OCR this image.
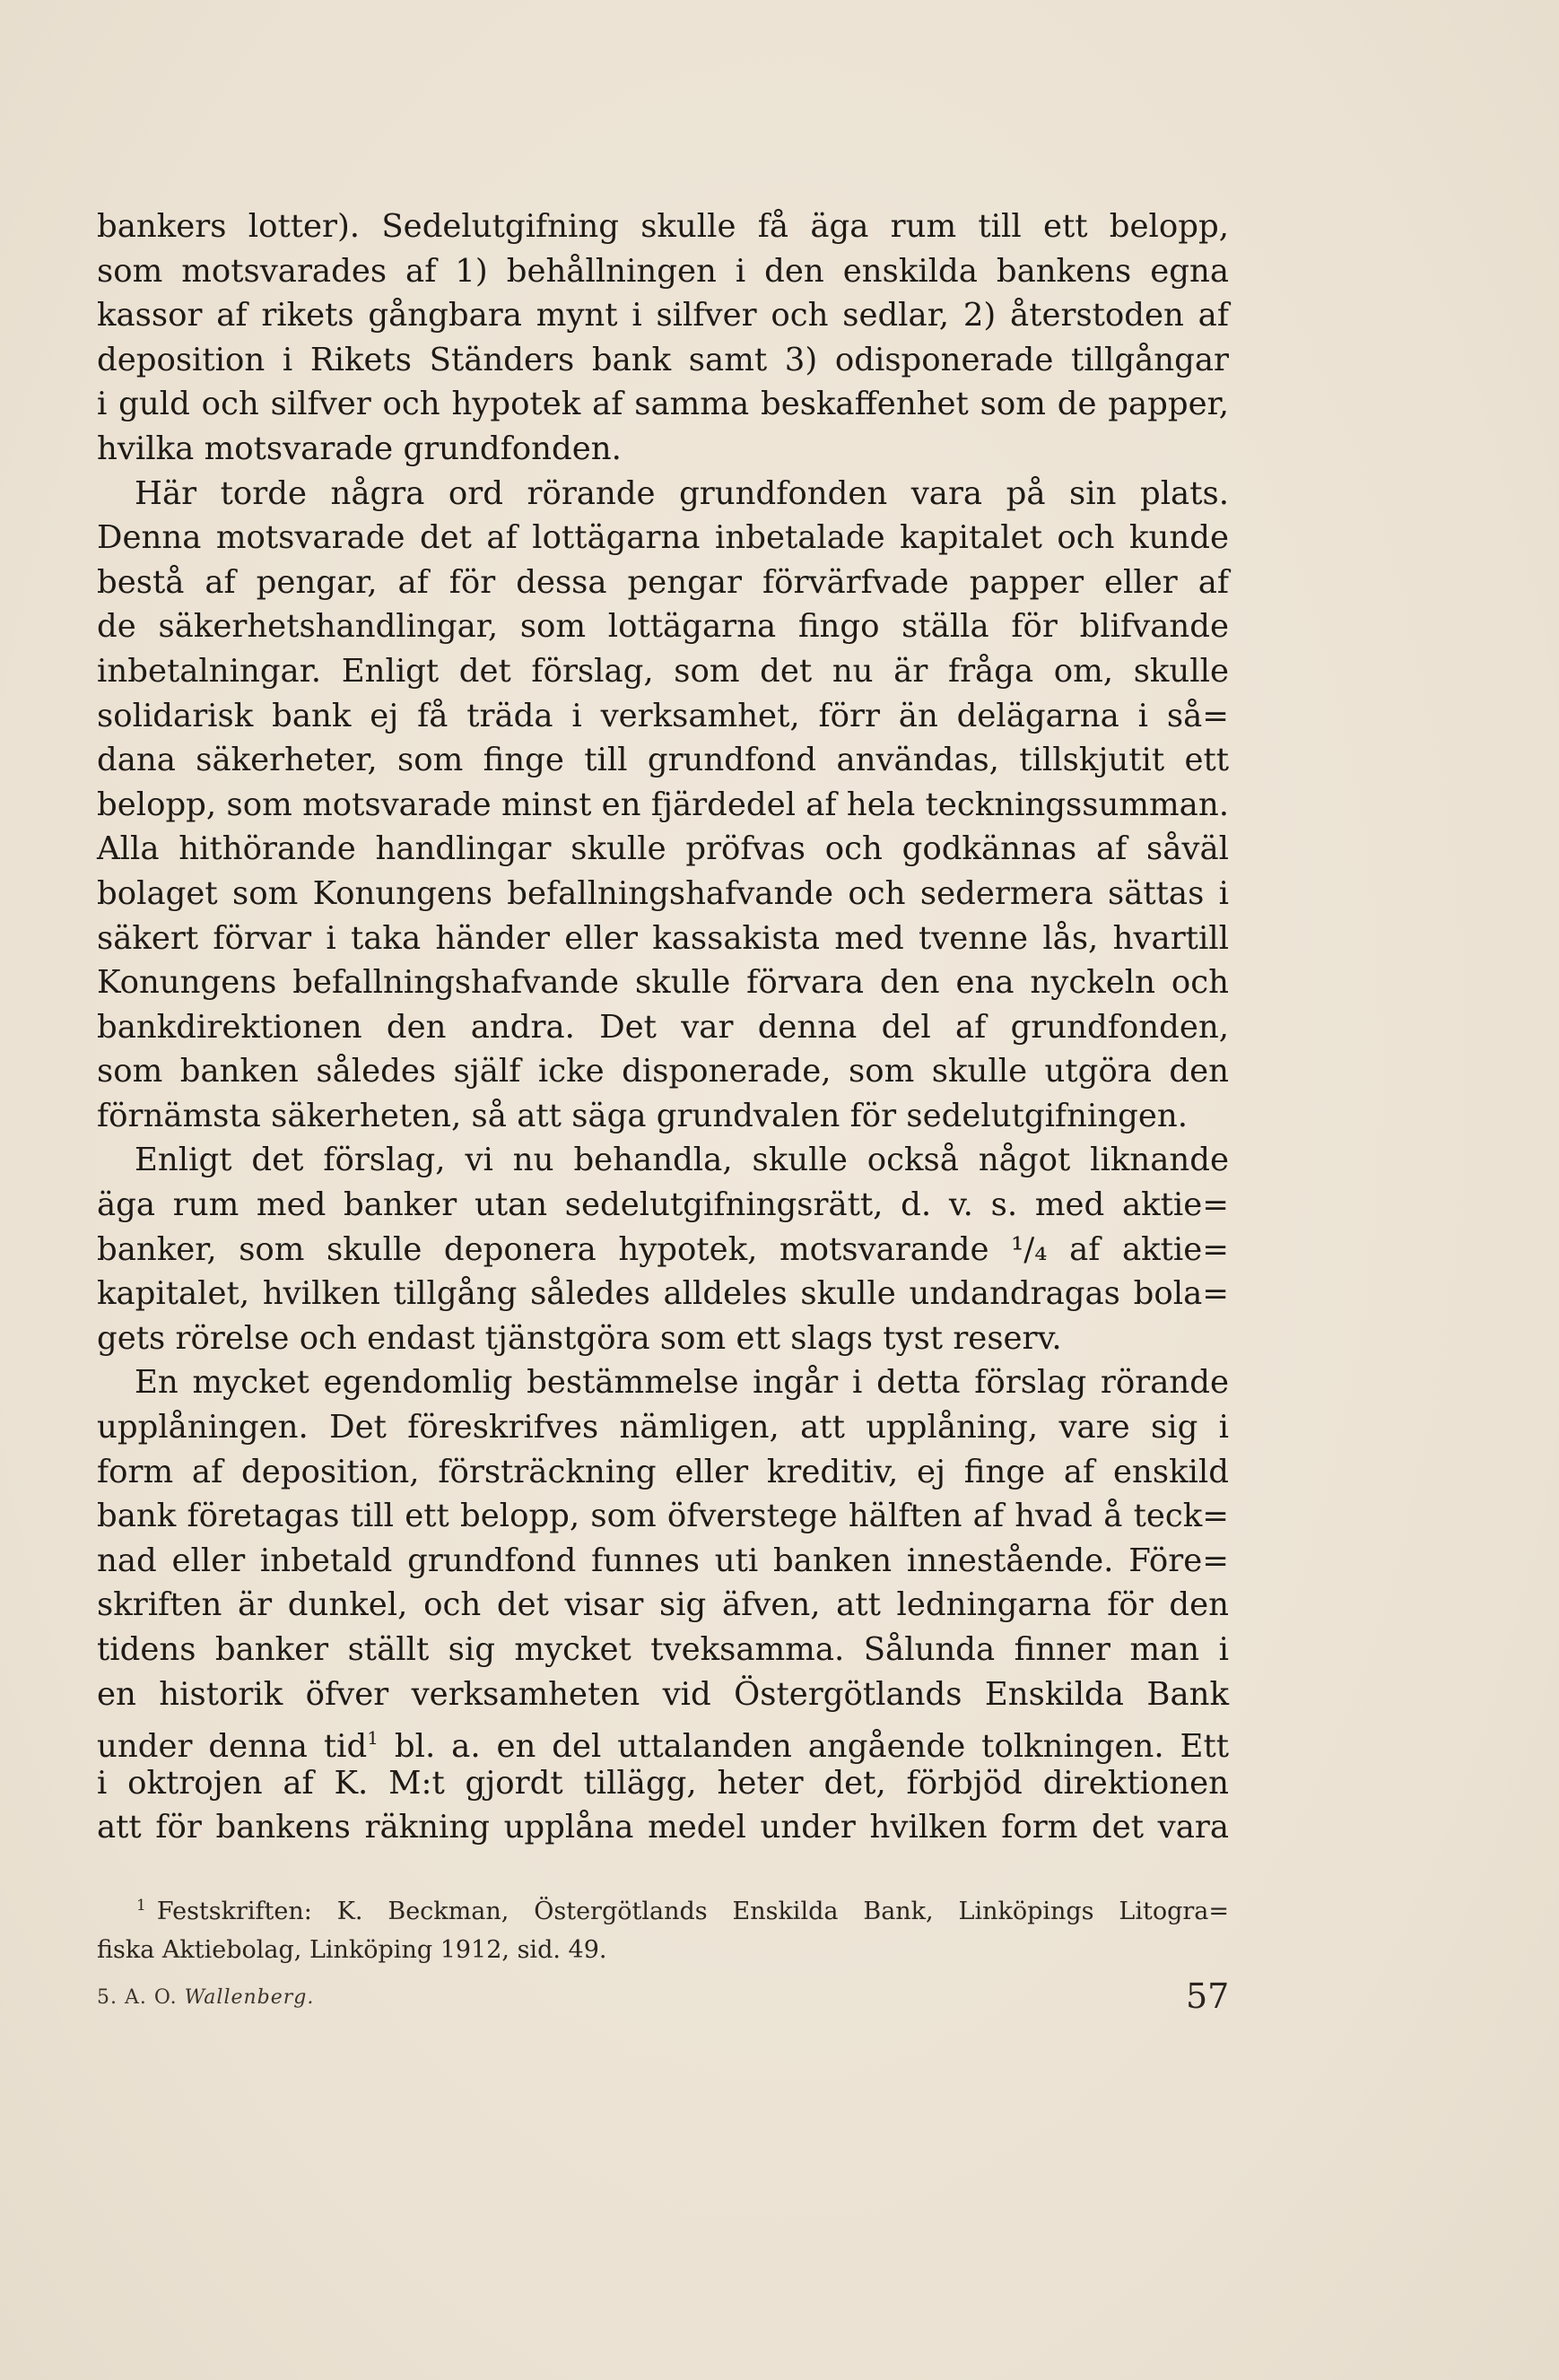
bankers lotter). Sedelutgifning skulle få äga rum till ett belopp,
som motsvarades af 1) behållningen i den enskilda bankens egna
kassor af rikets gångbara mynt i silfver och sedlar, 2) återstoden af
deposition i Rikets Ständers bank samt 3) odisponerade tillgångar
i guld och silfver och hypotek af samma beskaffenhet som de papper,
hvilka motsvarade grundfonden.
Här torde några ord rörande grundfonden vara på sin plats.
Denna motsvarade det af lottägarna inbetalade kapitalet och kunde
bestå af pengar, af för dessa pengar förvärfvade papper eller af
de säkerhetshandlingar, som lottägarna fingo ställa för blifvande
inbetalningar. Enligt det förslag, som det nu är fråga om, skulle
solidarisk bank ej få träda i verksamhet, förr än delägarna i så=
dana säkerheter, som finge till grundfond användas, tillskjutit ett
belopp, som motsvarade minst en fjärdedel af hela teckningssumman.
Alla hithörande handlingar skulle pröfvas och godkännas af såväl
bolaget som Konungens befallningshafvande och sedermera sättas i
säkert förvar i taka händer eller kassakista med tvenne lås, hvartill
Konungens befallningshafvande skulle förvara den ena nyckeln och
bankdirektionen den andra. Det var denna del af grundfonden,
som banken således själf icke disponerade, som skulle utgöra den
förnämsta säkerheten, så att säga grundvalen för sedelutgifningen.
Enligt det förslag, vi nu behandla, skulle också något liknande
äga rum med banker utan sedelutgifningsrätt, d. v. s. med aktie=
banker, som skulle deponera hypotek, motsvarande ¹/₄ af aktie=
kapitalet, hvilken tillgång således alldeles skulle undandragas bola=
gets rörelse och endast tjänstgöra som ett slags tyst reserv.
En mycket egendomlig bestämmelse ingår i detta förslag rörande
upplåningen. Det föreskrifves nämligen, att upplåning, vare sig i
form af deposition, försträckning eller kreditiv, ej finge af enskild
bank företagas till ett belopp, som öfverstege hälften af hvad å teck=
nad eller inbetald grundfond funnes uti banken innestående. Före=
skriften är dunkel, och det visar sig äfven, att ledningarna för den
tidens banker ställt sig mycket tveksamma. Sålunda finner man i
en historik öfver verksamheten vid Östergötlands Enskilda Bank
under denna tid$^1$ bl. a. en del uttalanden angående tolkningen. Ett
i oktrojen af K. M:t gjordt tillägg, heter det, förbjöd direktionen
att för bankens räkning upplåna medel under hvilken form det vara
$^1$ Festskriften: K. Beckman, Östergötlands Enskilda Bank, Linköpings Litogra=
fiska Aktiebolag, Linköping 1912, sid. 49.
5. A. O. Wallenberg.	57
